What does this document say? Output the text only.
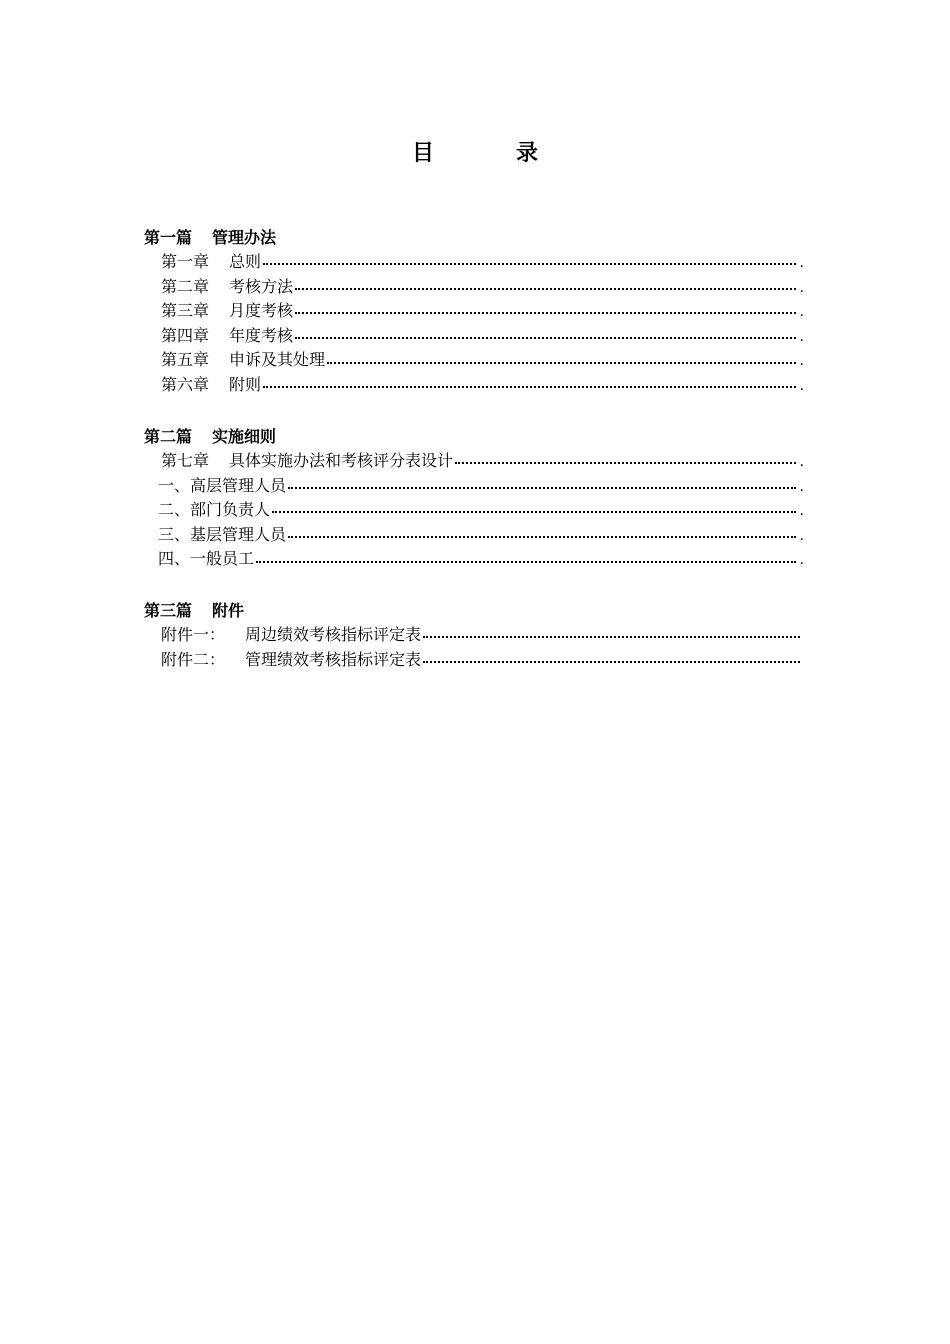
目　录
第一篇 管理办法
第一章 总则	.
第二章 考核方法	.
第三章 月度考核	.
第四章 年度考核	.
第五章 申诉及其处理	.
第六章 附则	.
第二篇 实施细则
第七章 具体实施办法和考核评分表设计	.
一、高层管理人员	.
二、部门负责人	.
三、基层管理人员	.
四、一般员工	.
第三篇 附件
附件一： 周边绩效考核指标评定表
附件二： 管理绩效考核指标评定表
